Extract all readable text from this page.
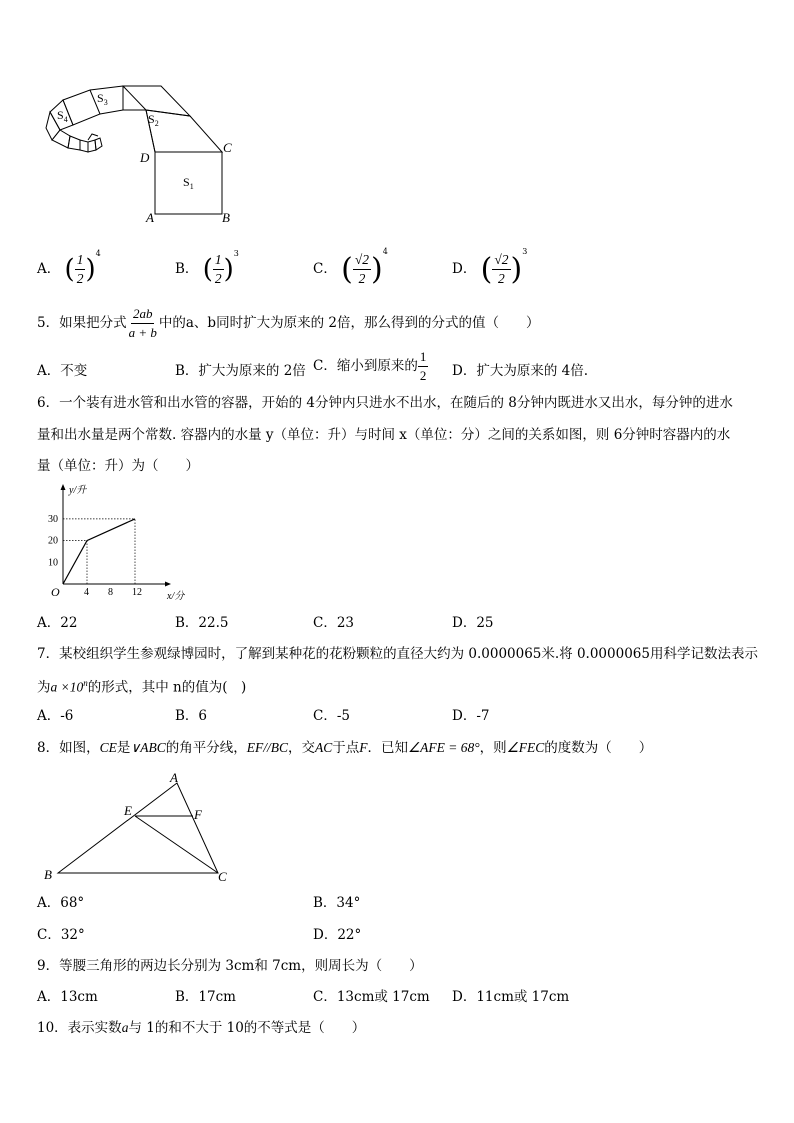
$S_1$
$S_2$
$S_3$
$S_4$
D
C
A	B
A． ( $\frac{1}{2} )^4$
B． ( $\frac{1}{2} )^3$
C． ( $\frac{√2}{2} )^4$
D． ( $\frac{√2}{2} )^3$
5．如果把分式 $\frac{2ab}{a + b}$ 中的a、b同时扩大为原来的 2倍，那么得到的分式的值（　　）
A．不变	B．扩大为原来的 2倍 C．缩小到原来的 $\frac{1}{2}$ D．扩大为原来的 4倍.
6．一个装有进水管和出水管的容器，开始的 4分钟内只进水不出水，在随后的 8分钟内既进水又出水，每分钟的进水
量和出水量是两个常数. 容器内的水量 y（单位：升）与时间 x（单位：分）之间的关系如图，则 6分钟时容器内的水
量（单位：升）为（　　）
4 8 12
10
20
30
O	x/分
y/升
A．22	B．22.5	C．23	D．25
7．某校组织学生参观绿博园时，了解到某种花的花粉颗粒的直径大约为 0.0000065米.将 0.0000065用科学记数法表示
为$a \times 10^n$的形式，其中 n的值为(　)
A．-6	B．6	C．-5	D．-7
8．如图，CE是∨ABC的角平分线，EF//BC，交AC于点F．已知∠AFE = 68°，则∠FEC的度数为（　　）
A
E	F
B	C
A．68°	B．34°
C．32°	D．22°
9．等腰三角形的两边长分别为 3cm和 7cm，则周长为（　　）
A．13cm	B．17cm	C．13cm或 17cm D．11cm或 17cm
10．表示实数a与 1的和不大于 10的不等式是（　　）
